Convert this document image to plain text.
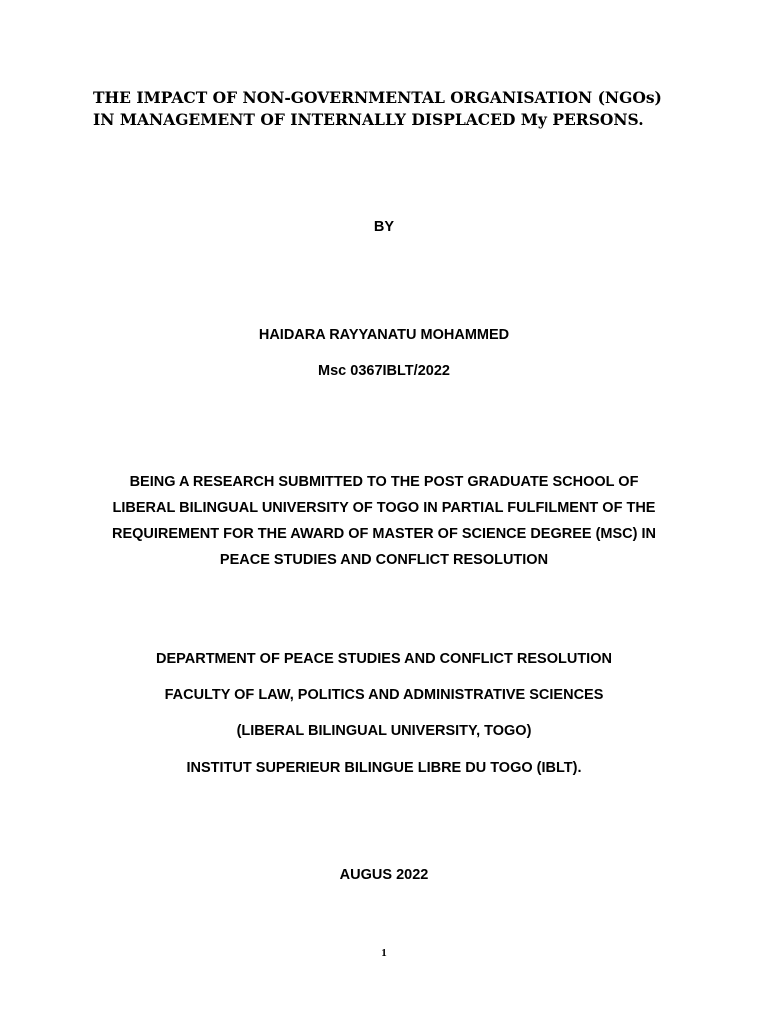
THE IMPACT OF NON-GOVERNMENTAL ORGANISATION (NGOs)
IN MANAGEMENT OF INTERNALLY DISPLACED My PERSONS.

BY

HAIDARA RAYYANATU MOHAMMED

Msc 0367IBLT/2022

BEING A RESEARCH SUBMITTED TO THE POST GRADUATE SCHOOL OF
LIBERAL BILINGUAL UNIVERSITY OF TOGO IN PARTIAL FULFILMENT OF THE
REQUIREMENT FOR THE AWARD OF MASTER OF SCIENCE DEGREE (MSC) IN
PEACE STUDIES AND CONFLICT RESOLUTION

DEPARTMENT OF PEACE STUDIES AND CONFLICT RESOLUTION

FACULTY OF LAW, POLITICS AND ADMINISTRATIVE SCIENCES

(LIBERAL BILINGUAL UNIVERSITY, TOGO)

INSTITUT SUPERIEUR BILINGUE LIBRE DU TOGO (IBLT).

AUGUS 2022

1
